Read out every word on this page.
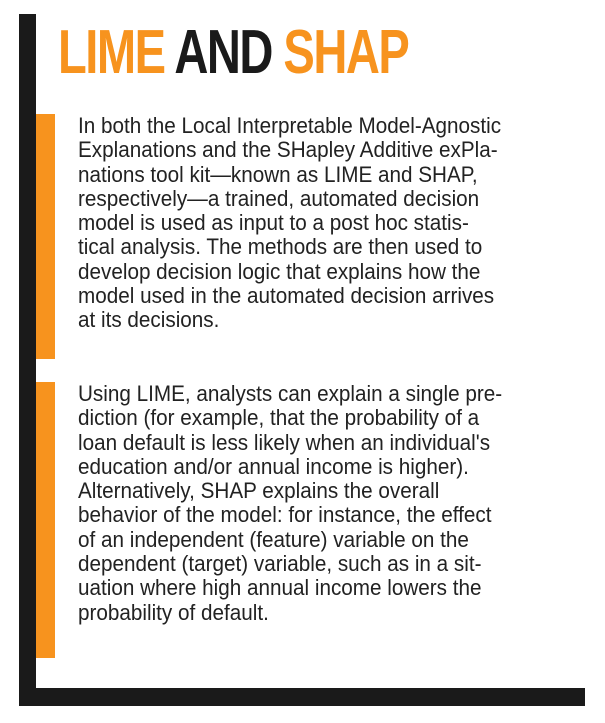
LIME AND SHAP

In both the Local Interpretable Model-Agnostic
Explanations and the SHapley Additive exPla-
nations tool kit—known as LIME and SHAP,
respectively—a trained, automated decision
model is used as input to a post hoc statis-
tical analysis. The methods are then used to
develop decision logic that explains how the
model used in the automated decision arrives
at its decisions.

Using LIME, analysts can explain a single pre-
diction (for example, that the probability of a
loan default is less likely when an individual's
education and/or annual income is higher).
Alternatively, SHAP explains the overall
behavior of the model: for instance, the effect
of an independent (feature) variable on the
dependent (target) variable, such as in a sit-
uation where high annual income lowers the
probability of default.
